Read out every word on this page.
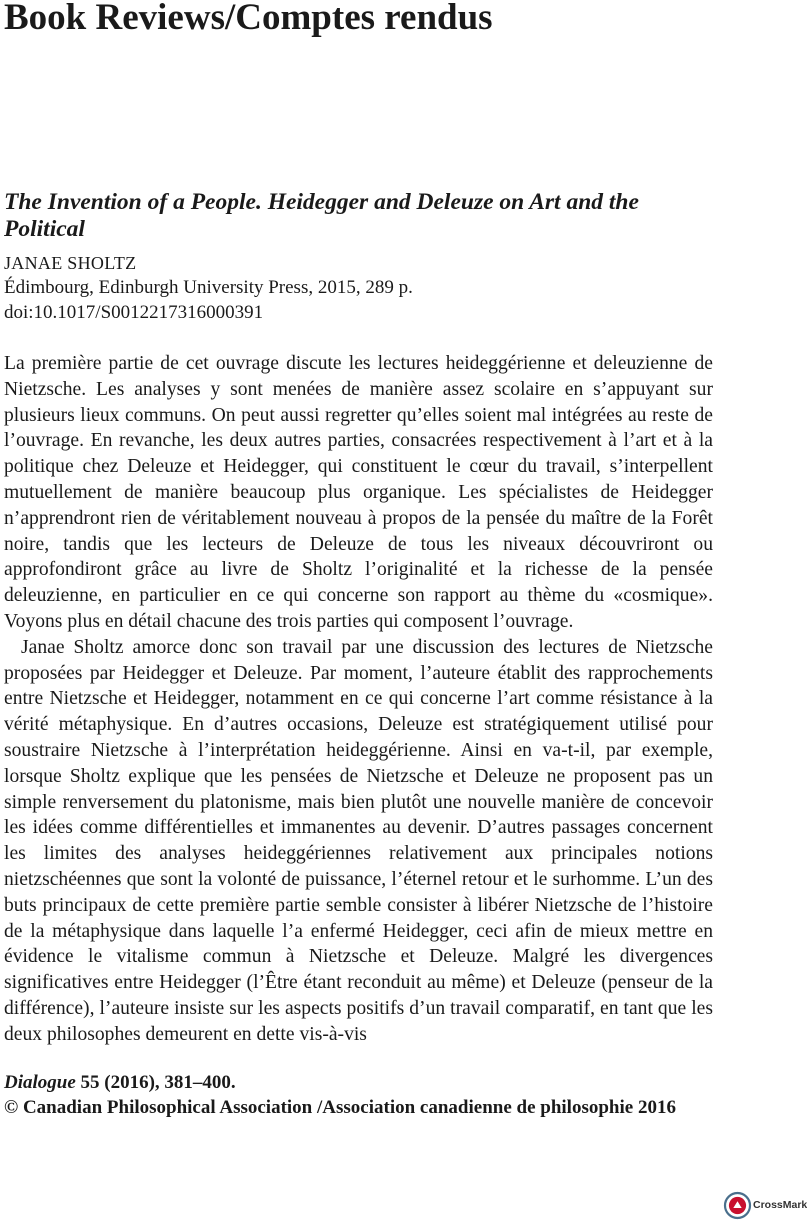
Book Reviews/Comptes rendus
The Invention of a People. Heidegger and Deleuze on Art and the Political
JANAE SHOLTZ
Édimbourg, Edinburgh University Press, 2015, 289 p.
doi:10.1017/S0012217316000391

La première partie de cet ouvrage discute les lectures heideggérienne et deleuzienne de Nietzsche. Les analyses y sont menées de manière assez scolaire en s’appuyant sur plusieurs lieux communs. On peut aussi regretter qu’elles soient mal intégrées au reste de l’ouvrage. En revanche, les deux autres parties, consacrées respectivement à l’art et à la politique chez Deleuze et Heidegger, qui constituent le cœur du travail, s’interpellent mutuellement de manière beaucoup plus organique. Les spécialistes de Heidegger n’apprendront rien de véritablement nouveau à propos de la pensée du maître de la Forêt noire, tandis que les lecteurs de Deleuze de tous les niveaux découvriront ou approfondiront grâce au livre de Sholtz l’originalité et la richesse de la pensée deleuzienne, en particulier en ce qui concerne son rapport au thème du «cosmique». Voyons plus en détail chacune des trois parties qui composent l’ouvrage.

Janae Sholtz amorce donc son travail par une discussion des lectures de Nietzsche proposées par Heidegger et Deleuze. Par moment, l’auteure établit des rapprochements entre Nietzsche et Heidegger, notamment en ce qui concerne l’art comme résistance à la vérité métaphysique. En d’autres occasions, Deleuze est stratégiquement utilisé pour soustraire Nietzsche à l’interprétation heideggérienne. Ainsi en va-t-il, par exemple, lorsque Sholtz explique que les pensées de Nietzsche et Deleuze ne proposent pas un simple renversement du platonisme, mais bien plutôt une nouvelle manière de concevoir les idées comme différentielles et immanentes au devenir. D’autres passages concernent les limites des analyses heideggériennes relativement aux principales notions nietzschéennes que sont la volonté de puissance, l’éternel retour et le surhomme. L’un des buts principaux de cette première partie semble consister à libérer Nietzsche de l’histoire de la métaphysique dans laquelle l’a enfermé Heidegger, ceci afin de mieux mettre en évidence le vitalisme commun à Nietzsche et Deleuze. Malgré les divergences significatives entre Heidegger (l’Être étant reconduit au même) et Deleuze (penseur de la différence), l’auteure insiste sur les aspects positifs d’un travail comparatif, en tant que les deux philosophes demeurent en dette vis-à-vis

Dialogue 55 (2016), 381–400.
© Canadian Philosophical Association /Association canadienne de philosophie 2016
CrossMark
